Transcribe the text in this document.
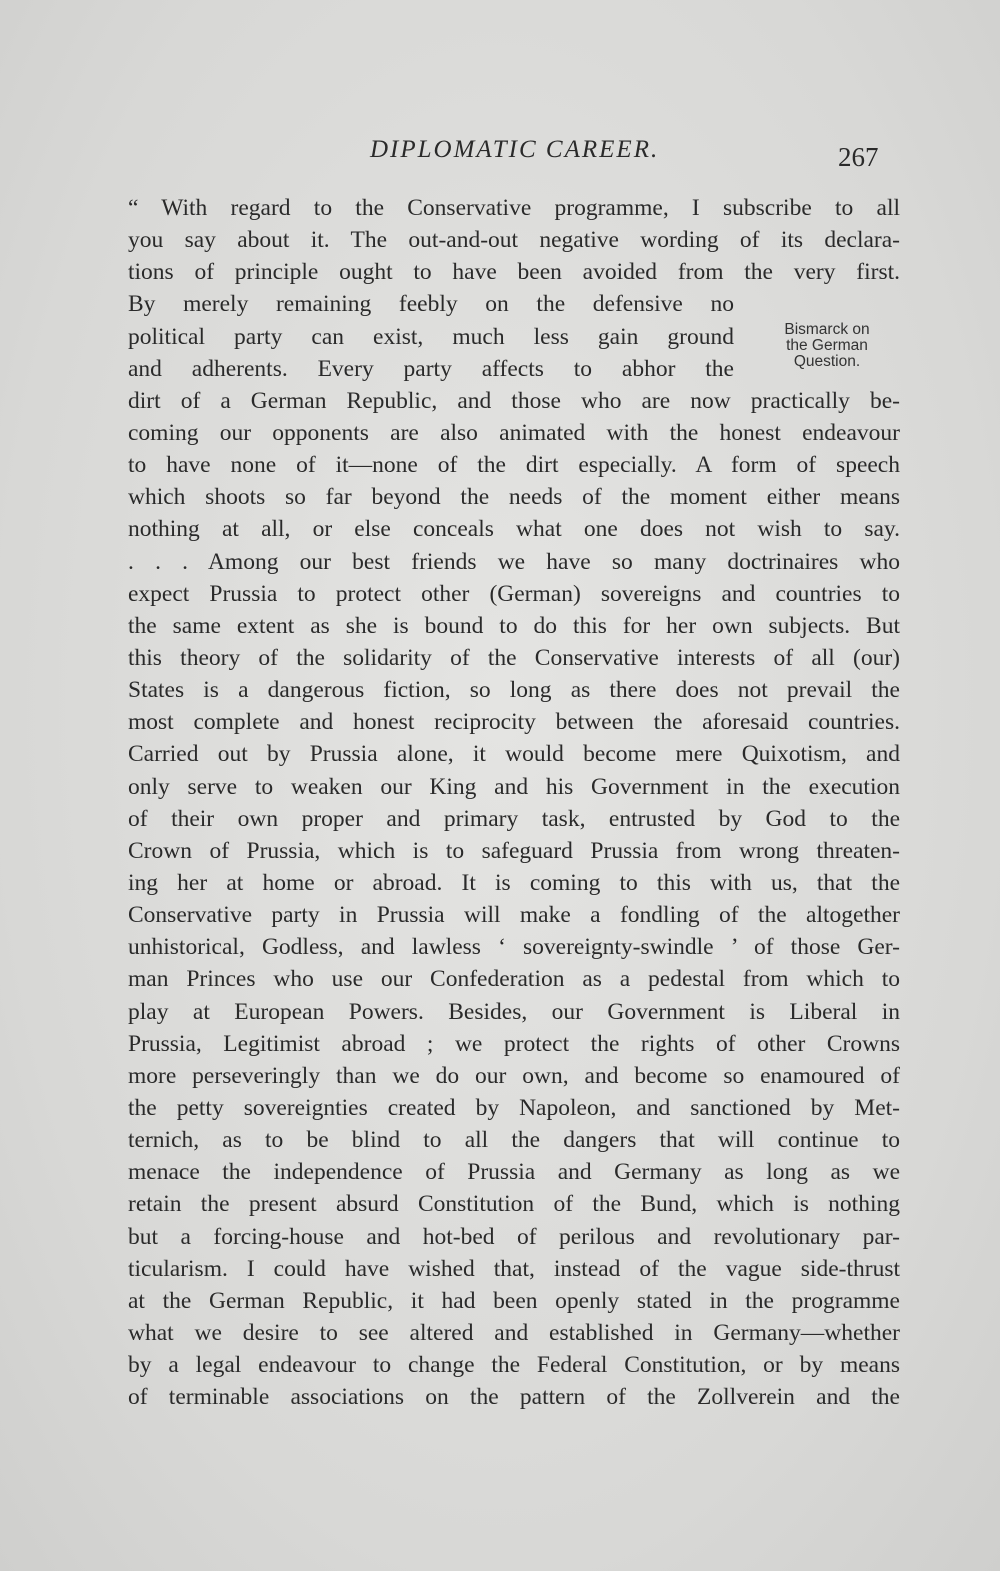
DIPLOMATIC CAREER.	267
Bismarck on
the German
Question.
“ With regard to the Conservative programme, I subscribe to all
you say about it. The out-and-out negative wording of its declara-
tions of principle ought to have been avoided from the very first.
By merely remaining feebly on the defensive no
political party can exist, much less gain ground
and adherents. Every party affects to abhor the
dirt of a German Republic, and those who are now practically be-
coming our opponents are also animated with the honest endeavour
to have none of it—none of the dirt especially. A form of speech
which shoots so far beyond the needs of the moment either means
nothing at all, or else conceals what one does not wish to say.
. . . Among our best friends we have so many doctrinaires who
expect Prussia to protect other (German) sovereigns and countries to
the same extent as she is bound to do this for her own subjects. But
this theory of the solidarity of the Conservative interests of all (our)
States is a dangerous fiction, so long as there does not prevail the
most complete and honest reciprocity between the aforesaid countries.
Carried out by Prussia alone, it would become mere Quixotism, and
only serve to weaken our King and his Government in the execution
of their own proper and primary task, entrusted by God to the
Crown of Prussia, which is to safeguard Prussia from wrong threaten-
ing her at home or abroad. It is coming to this with us, that the
Conservative party in Prussia will make a fondling of the altogether
unhistorical, Godless, and lawless ‘ sovereignty-swindle ’ of those Ger-
man Princes who use our Confederation as a pedestal from which to
play at European Powers. Besides, our Government is Liberal in
Prussia, Legitimist abroad ; we protect the rights of other Crowns
more perseveringly than we do our own, and become so enamoured of
the petty sovereignties created by Napoleon, and sanctioned by Met-
ternich, as to be blind to all the dangers that will continue to
menace the independence of Prussia and Germany as long as we
retain the present absurd Constitution of the Bund, which is nothing
but a forcing-house and hot-bed of perilous and revolutionary par-
ticularism. I could have wished that, instead of the vague side-thrust
at the German Republic, it had been openly stated in the programme
what we desire to see altered and established in Germany—whether
by a legal endeavour to change the Federal Constitution, or by means
of terminable associations on the pattern of the Zollverein and the
